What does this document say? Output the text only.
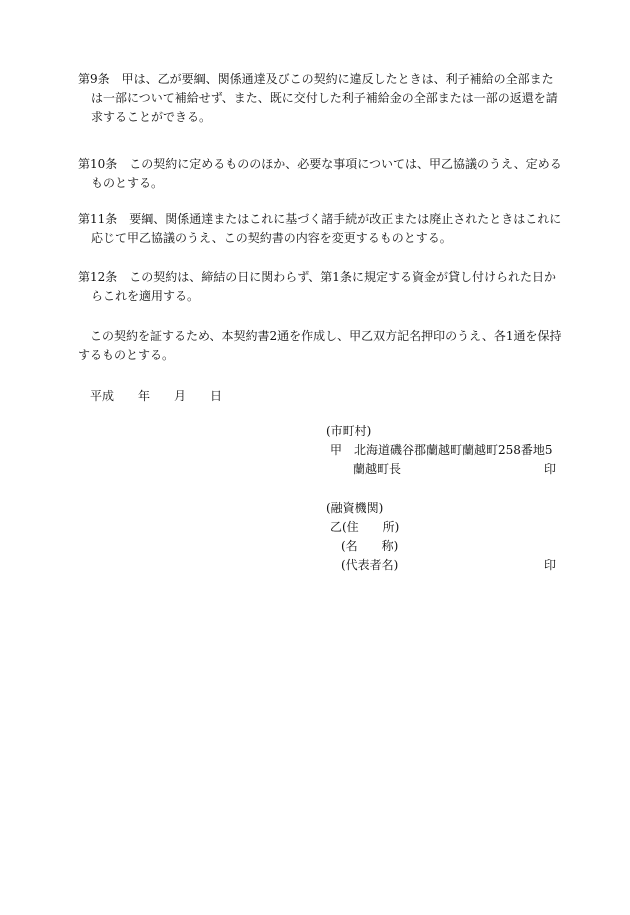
第9条　甲は、乙が要綱、関係通達及びこの契約に違反したときは、利子補給の全部また
は一部について補給せず、また、既に交付した利子補給金の全部または一部の返還を請
求することができる。
第10条　この契約に定めるもののほか、必要な事項については、甲乙協議のうえ、定める
ものとする。
第11条　要綱、関係通達またはこれに基づく諸手続が改正または廃止されたときはこれに
応じて甲乙協議のうえ、この契約書の内容を変更するものとする。
第12条　この契約は、締結の日に関わらず、第1条に規定する資金が貸し付けられた日か
らこれを適用する。
　この契約を証するため、本契約書2通を作成し、甲乙双方記名押印のうえ、各1通を保持
するものとする。
平成　　年　　月　　日
(市町村)
甲　北海道磯谷郡蘭越町蘭越町258番地5
蘭越町長	印
(融資機関)
乙(住　　所)
(名　　称)
(代表者名)	印
